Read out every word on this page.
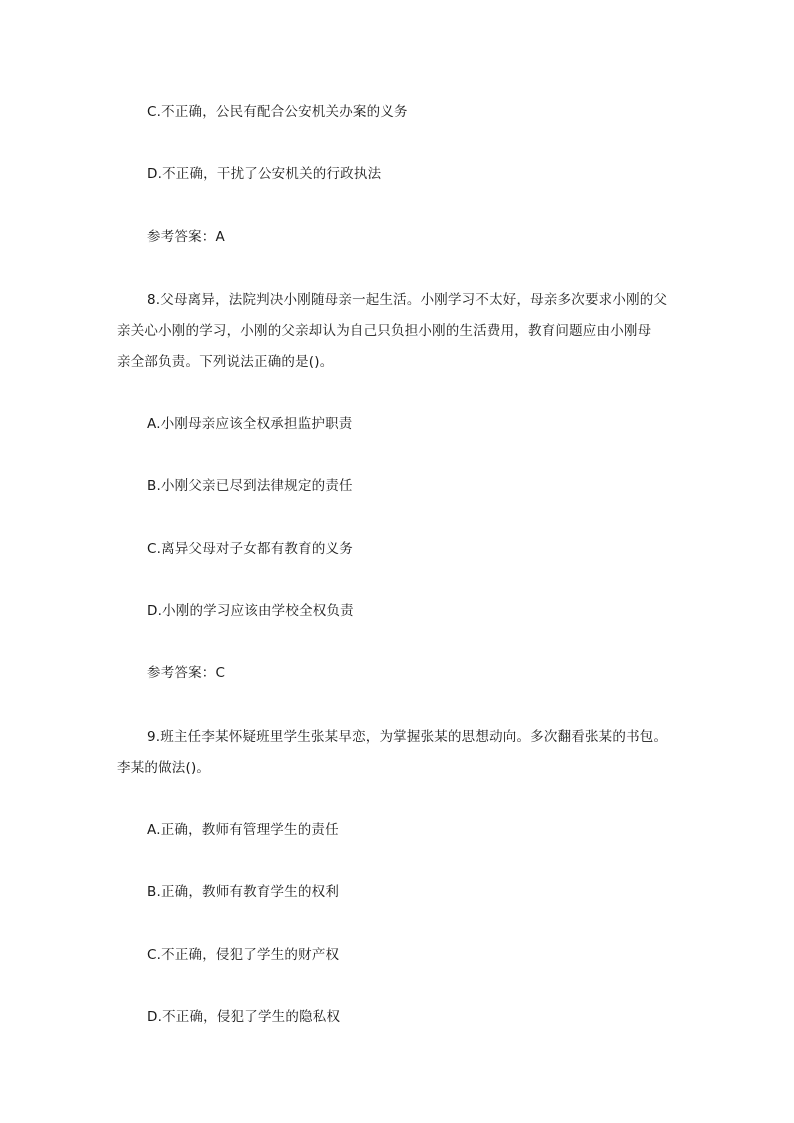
C.不正确，公民有配合公安机关办案的义务
D.不正确，干扰了公安机关的行政执法
参考答案：A
8.父母离异，法院判决小刚随母亲一起生活。小刚学习不太好，母亲多次要求小刚的父
亲关心小刚的学习，小刚的父亲却认为自己只负担小刚的生活费用，教育问题应由小刚母
亲全部负责。下列说法正确的是()。
A.小刚母亲应该全权承担监护职责
B.小刚父亲已尽到法律规定的责任
C.离异父母对子女都有教育的义务
D.小刚的学习应该由学校全权负责
参考答案：C
9.班主任李某怀疑班里学生张某早恋，为掌握张某的思想动向。多次翻看张某的书包。
李某的做法()。
A.正确，教师有管理学生的责任
B.正确，教师有教育学生的权利
C.不正确，侵犯了学生的财产权
D.不正确，侵犯了学生的隐私权
